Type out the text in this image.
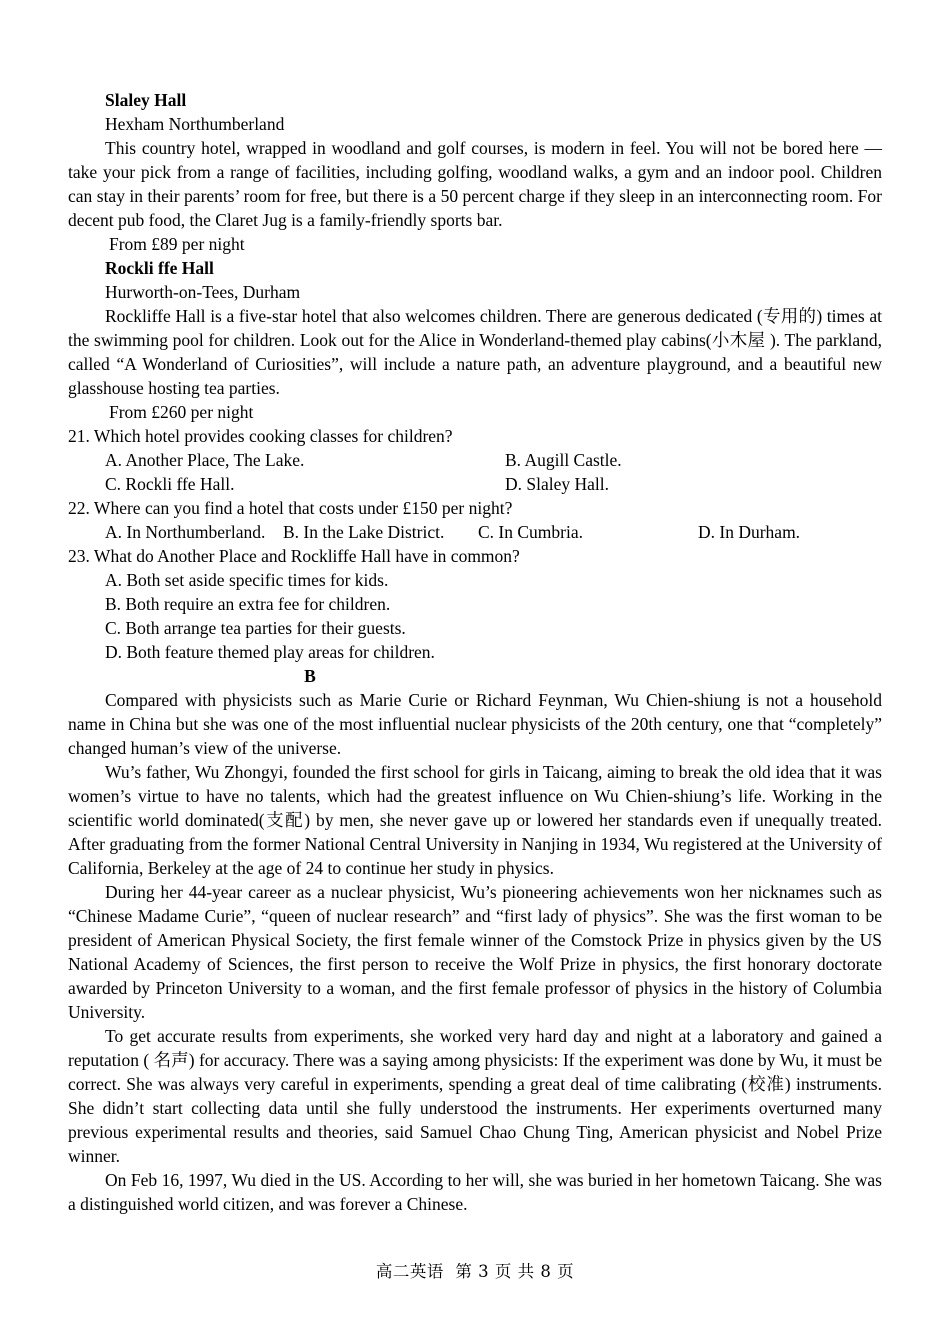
Slaley Hall

Hexham Northumberland

This country hotel, wrapped in woodland and golf courses, is modern in feel. You will not be bored here — take your pick from a range of facilities, including golfing, woodland walks, a gym and an indoor pool. Children can stay in their parents’ room for free, but there is a 50 percent charge if they sleep in an interconnecting room. For decent pub food, the Claret Jug is a family-friendly sports bar.

From £89 per night

Rockli ffe Hall

Hurworth-on-Tees, Durham

Rockliffe Hall is a five-star hotel that also welcomes children. There are generous dedicated (专用的) times at the swimming pool for children. Look out for the Alice in Wonderland-themed play cabins(小木屋 ). The parkland, called “A Wonderland of Curiosities”, will include a nature path, an adventure playground, and a beautiful new glasshouse hosting tea parties.

From £260 per night

21. Which hotel provides cooking classes for children?

A. Another Place, The Lake.	B. Augill Castle.
C. Rockli ffe Hall.	D. Slaley Hall.

22. Where can you find a hotel that costs under £150 per night?

A. In Northumberland. B. In the Lake District. C. In Cumbria.	D. In Durham.

23. What do Another Place and Rockliffe Hall have in common?

A. Both set aside specific times for kids.

B. Both require an extra fee for children.

C. Both arrange tea parties for their guests.

D. Both feature themed play areas for children.

B

Compared with physicists such as Marie Curie or Richard Feynman, Wu Chien-shiung is not a household name in China but she was one of the most influential nuclear physicists of the 20th century, one that “completely” changed human’s view of the universe.

Wu’s father, Wu Zhongyi, founded the first school for girls in Taicang, aiming to break the old idea that it was women’s virtue to have no talents, which had the greatest influence on Wu Chien-shiung’s life. Working in the scientific world dominated(支配) by men, she never gave up or lowered her standards even if unequally treated. After graduating from the former National Central University in Nanjing in 1934, Wu registered at the University of California, Berkeley at the age of 24 to continue her study in physics.

During her 44-year career as a nuclear physicist, Wu’s pioneering achievements won her nicknames such as “Chinese Madame Curie”, “queen of nuclear research” and “first lady of physics”. She was the first woman to be president of American Physical Society, the first female winner of the Comstock Prize in physics given by the US National Academy of Sciences, the first person to receive the Wolf Prize in physics, the first honorary doctorate awarded by Princeton University to a woman, and the first female professor of physics in the history of Columbia University.

To get accurate results from experiments, she worked very hard day and night at a laboratory and gained a reputation ( 名声) for accuracy. There was a saying among physicists: If the experiment was done by Wu, it must be correct. She was always very careful in experiments, spending a great deal of time calibrating (校准) instruments. She didn’t start collecting data until she fully understood the instruments. Her experiments overturned many previous experimental results and theories, said Samuel Chao Chung Ting, American physicist and Nobel Prize winner.

On Feb 16, 1997, Wu died in the US. According to her will, she was buried in her hometown Taicang. She was a distinguished world citizen, and was forever a Chinese.

高二英语  第 3 页 共 8 页
